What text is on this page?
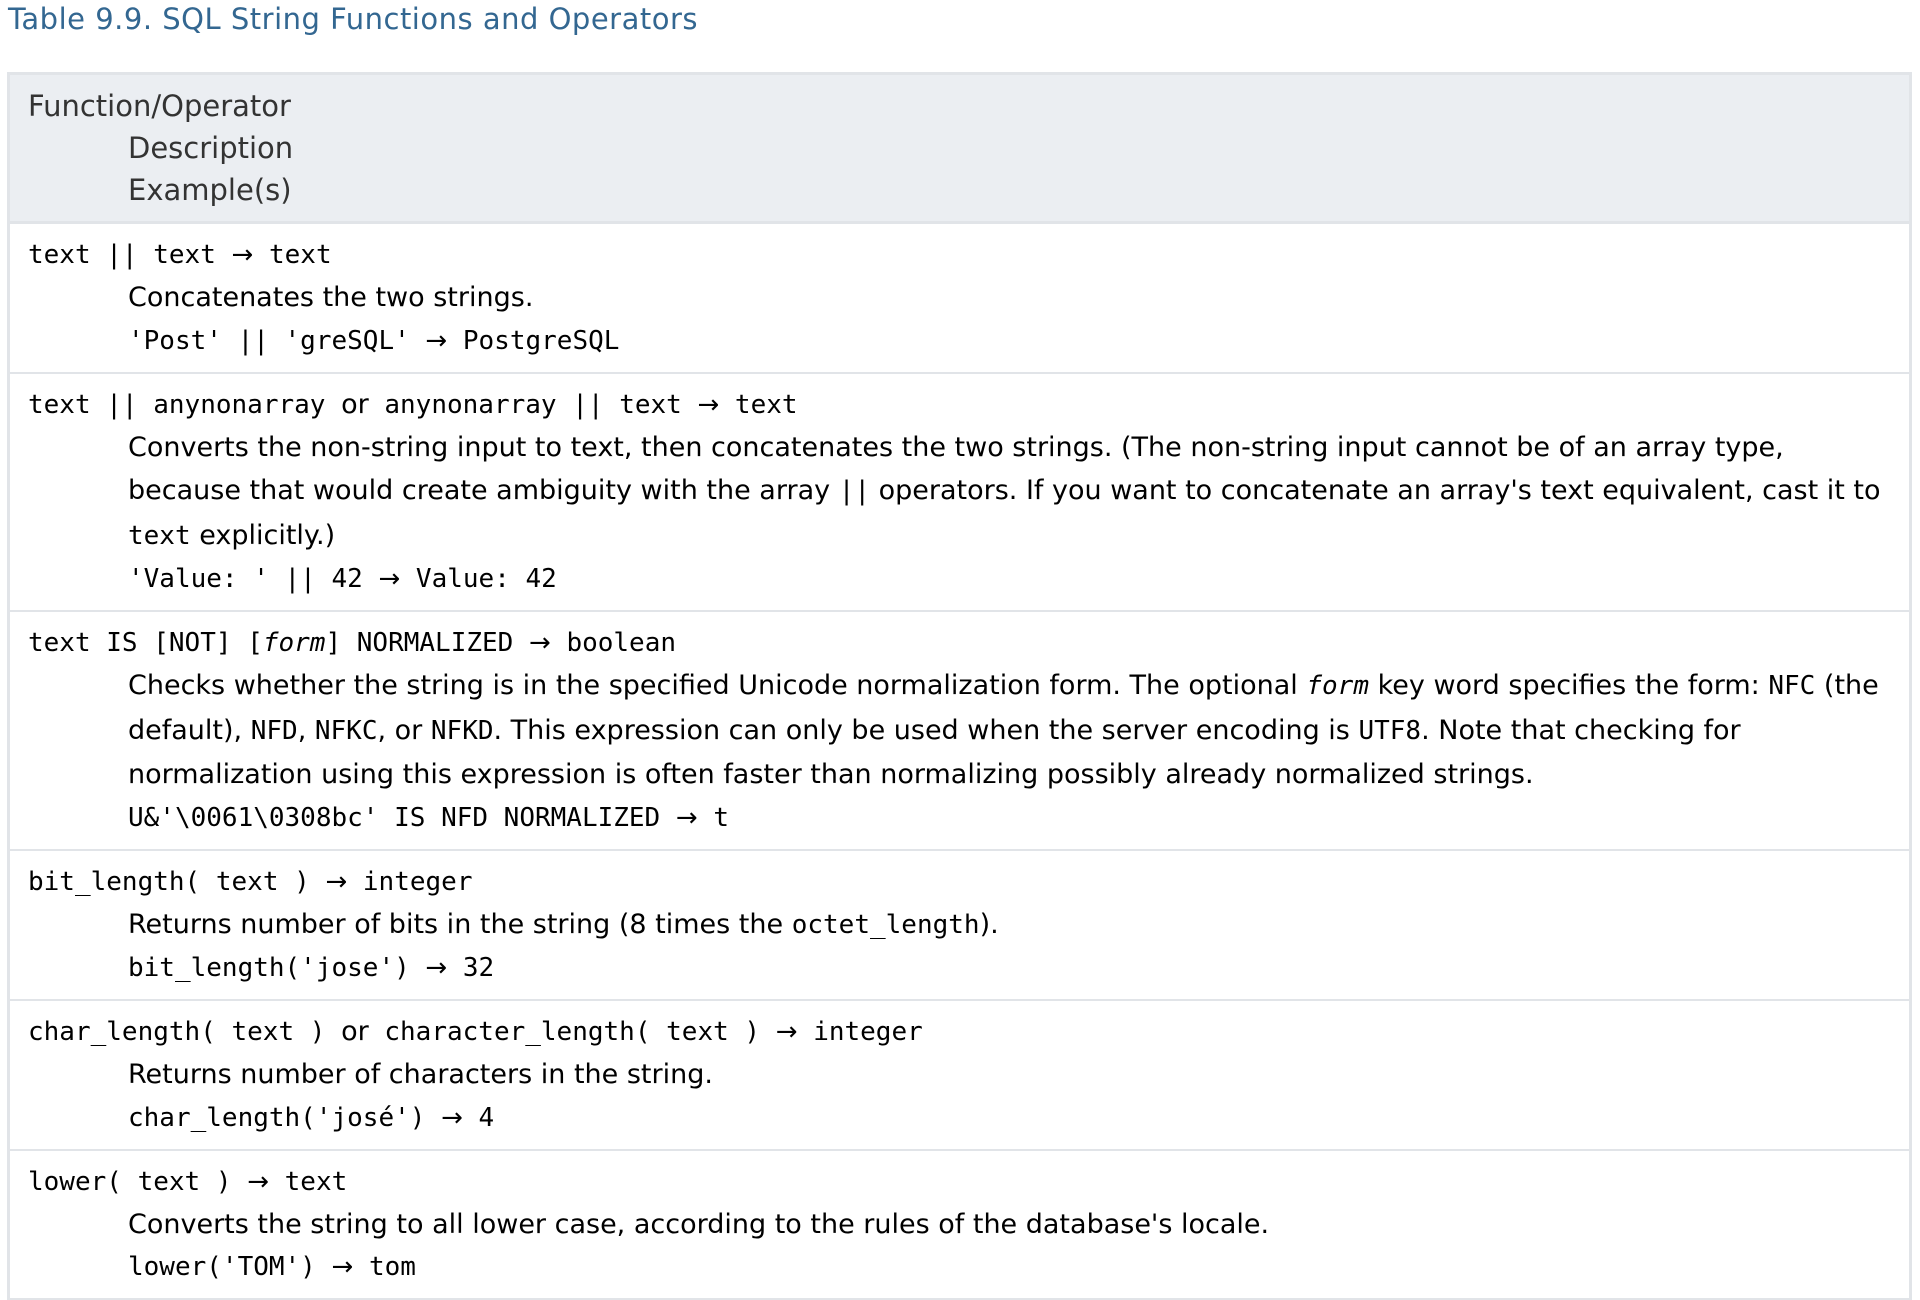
Table 9.9. SQL String Functions and Operators
Function/Operator
Description
Example(s)
text || text → text
Concatenates the two strings.
'Post' || 'greSQL' → PostgreSQL
text || anynonarray or anynonarray || text → text
Converts the non-string input to text, then concatenates the two strings. (The non-string input cannot be of an array type, because that would create ambiguity with the array || operators. If you want to concatenate an array's text equivalent, cast it to text explicitly.)
'Value: ' || 42 → Value: 42
text IS [NOT] [form] NORMALIZED → boolean
Checks whether the string is in the specified Unicode normalization form. The optional form key word specifies the form: NFC (the default), NFD, NFKC, or NFKD. This expression can only be used when the server encoding is UTF8. Note that checking for normalization using this expression is often faster than normalizing possibly already normalized strings.
U&'\0061\0308bc' IS NFD NORMALIZED → t
bit_length( text ) → integer
Returns number of bits in the string (8 times the octet_length).
bit_length('jose') → 32
char_length( text ) or character_length( text ) → integer
Returns number of characters in the string.
char_length('josé') → 4
lower( text ) → text
Converts the string to all lower case, according to the rules of the database's locale.
lower('TOM') → tom
